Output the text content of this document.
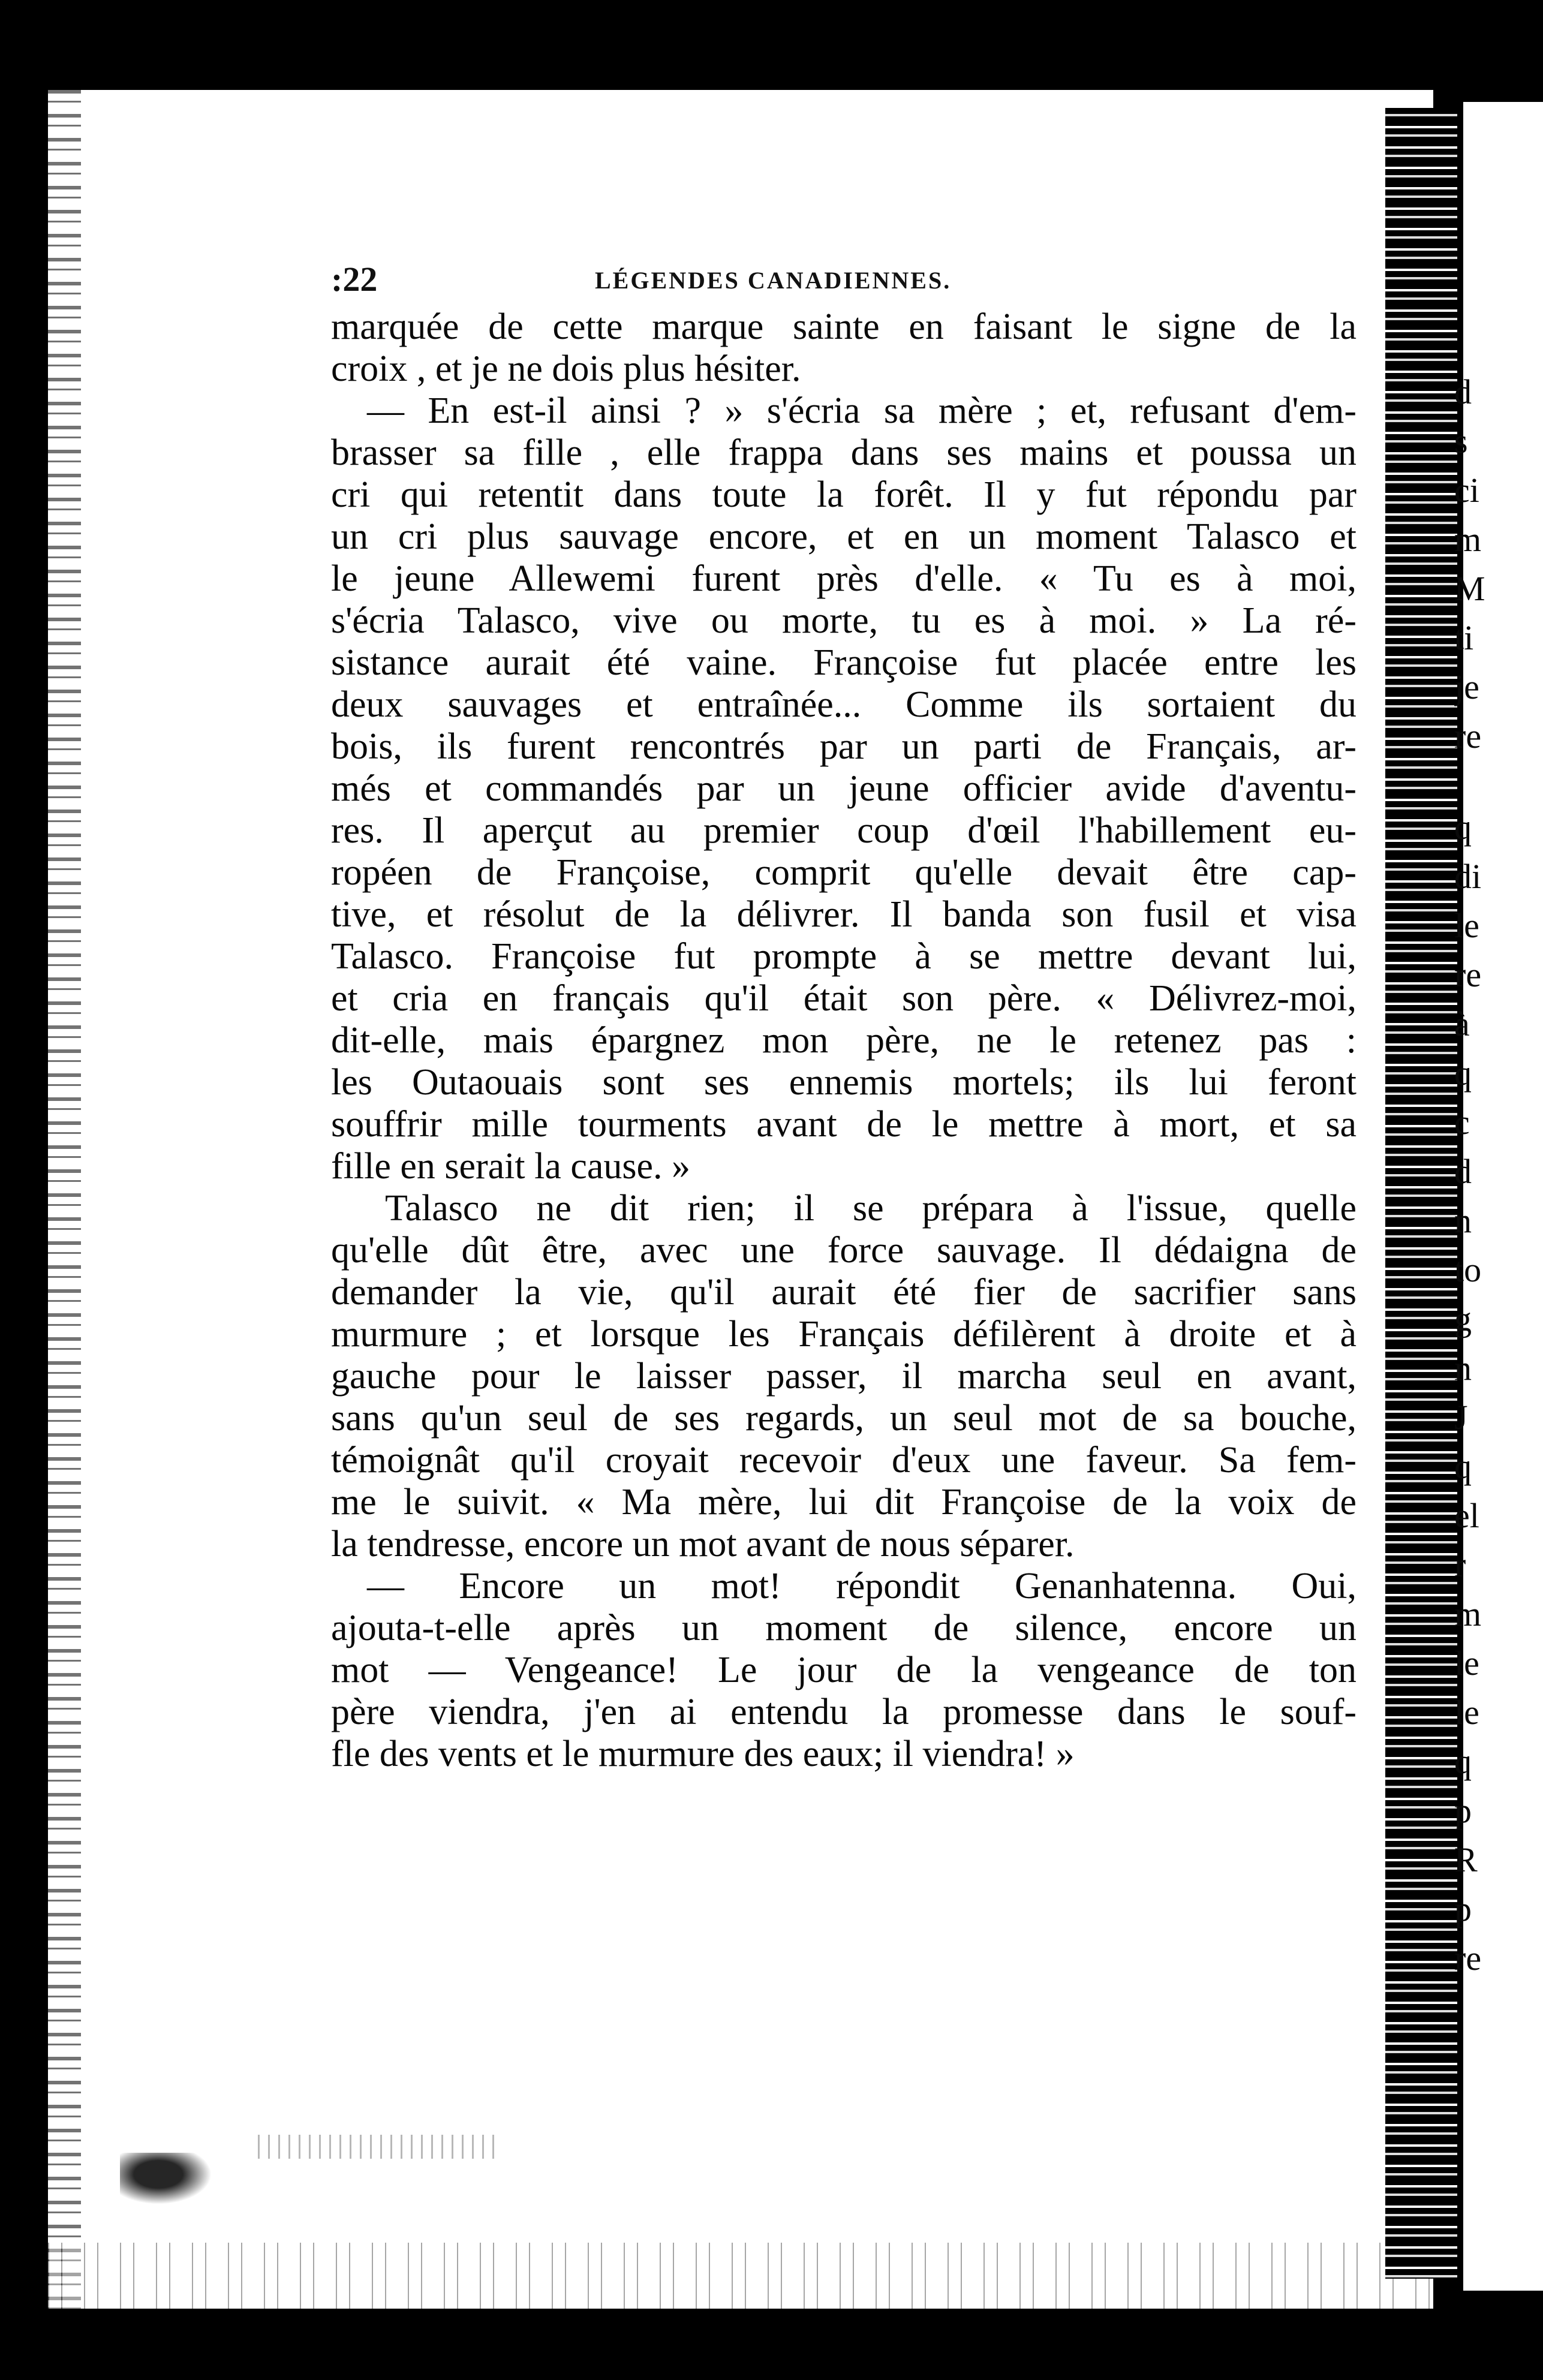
:22	LÉGENDES CANADIENNES.
marquée de cette marque sainte en faisant le signe de la
croix , et je ne dois plus hésiter.
— En est-il ainsi ? » s'écria sa mère ; et, refusant d'em-
brasser sa fille , elle frappa dans ses mains et poussa un
cri qui retentit dans toute la forêt. Il y fut répondu par
un cri plus sauvage encore, et en un moment Talasco et
le jeune Allewemi furent près d'elle. « Tu es à moi,
s'écria Talasco, vive ou morte, tu es à moi. » La ré-
sistance aurait été vaine. Françoise fut placée entre les
deux sauvages et entraînée... Comme ils sortaient du
bois, ils furent rencontrés par un parti de Français, ar-
més et commandés par un jeune officier avide d'aventu-
res. Il aperçut au premier coup d'œil l'habillement eu-
ropéen de Françoise, comprit qu'elle devait être cap-
tive, et résolut de la délivrer. Il banda son fusil et visa
Talasco. Françoise fut prompte à se mettre devant lui,
et cria en français qu'il était son père. « Délivrez-moi,
dit-elle, mais épargnez mon père, ne le retenez pas :
les Outaouais sont ses ennemis mortels; ils lui feront
souffrir mille tourments avant de le mettre à mort, et sa
fille en serait la cause. »
Talasco ne dit rien; il se prépara à l'issue, quelle
qu'elle dût être, avec une force sauvage. Il dédaigna de
demander la vie, qu'il aurait été fier de sacrifier sans
murmure ; et lorsque les Français défilèrent à droite et à
gauche pour le laisser passer, il marcha seul en avant,
sans qu'un seul de ses regards, un seul mot de sa bouche,
témoignât qu'il croyait recevoir d'eux une faveur. Sa fem-
me le suivit. « Ma mère, lui dit Françoise de la voix de
la tendresse, encore un mot avant de nous séparer.
— Encore un mot! répondit Genanhatenna. Oui,
ajouta-t-elle après un moment de silence, encore un
mot — Vengeance! Le jour de la vengeance de ton
père viendra, j'en ai entendu la promesse dans le souf-
fle des vents et le murmure des eaux; il viendra! »
d
s
ci
m
M
ti
je
re
q
di
le
re
à
q
c
d
n
to
g
n
J
q
el
r
m
le
le
q
p
R
p
re
